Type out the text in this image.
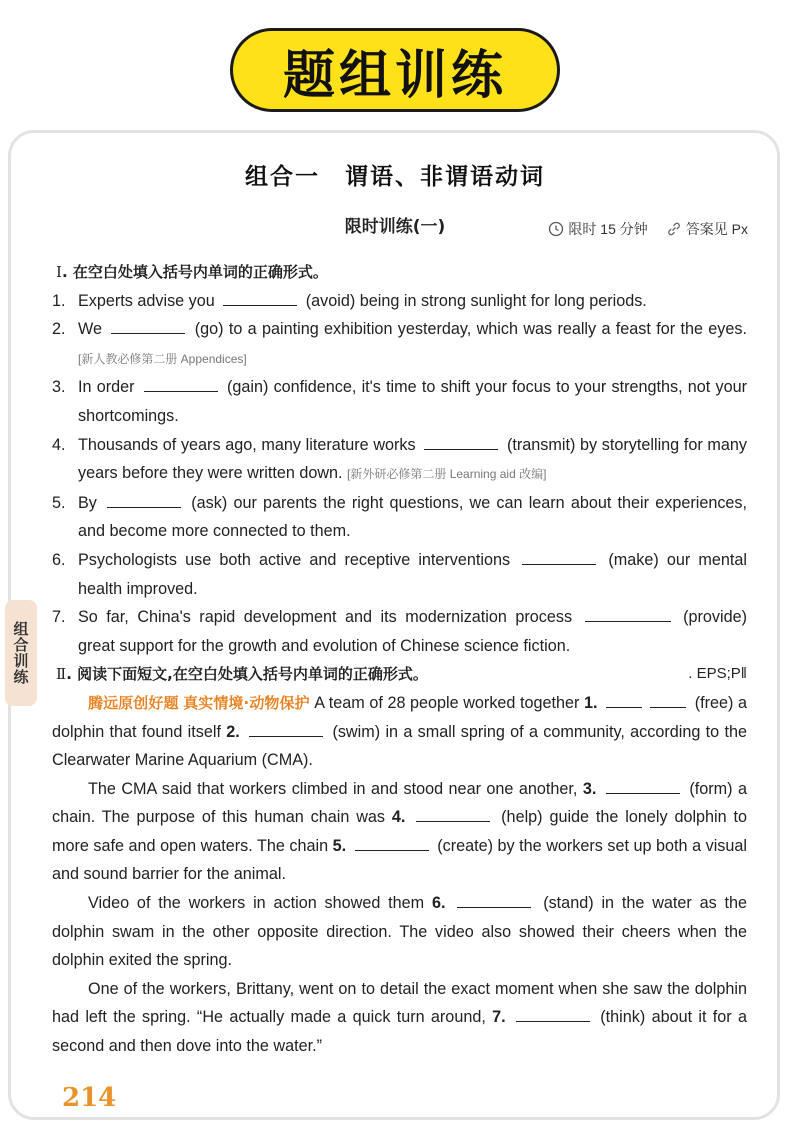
题组训练
组合训练
组合一　谓语、非谓语动词
限时训练(一)	限时 15 分钟	答案见 Px
Ⅰ. 在空白处填入括号内单词的正确形式。
1. Experts advise you	(avoid) being in strong sunlight for long periods.
2. We	(go) to a painting exhibition yesterday, which was really a feast for the eyes. [新人教必修第二册 Appendices]
3. In order	(gain) confidence, it's time to shift your focus to your strengths, not your shortcomings.
4. Thousands of years ago, many literature works	(transmit) by storytelling for many years before they were written down. [新外研必修第二册 Learning aid 改编]
5. By	(ask) our parents the right questions, we can learn about their experiences, and become more connected to them.
6. Psychologists use both active and receptive interventions	(make) our mental health improved.
7. So far, China's rapid development and its modernization process	(provide) great support for the growth and evolution of Chinese science fiction.
Ⅱ. 阅读下面短文,在空白处填入括号内单词的正确形式。	. EPS;P‖
腾远原创好题 真实情境·动物保护 A team of 28 people worked together 1.	(free) a dolphin that found itself 2.	(swim) in a small spring of a community, according to the Clearwater Marine Aquarium (CMA).
The CMA said that workers climbed in and stood near one another, 3.	(form) a chain. The purpose of this human chain was 4.	(help) guide the lonely dolphin to more safe and open waters. The chain 5.	(create) by the workers set up both a visual and sound barrier for the animal.
Video of the workers in action showed them 6.	(stand) in the water as the dolphin swam in the other opposite direction. The video also showed their cheers when the dolphin exited the spring.
One of the workers, Brittany, went on to detail the exact moment when she saw the dolphin had left the spring. “He actually made a quick turn around, 7.	(think) about it for a second and then dove into the water.”
214
